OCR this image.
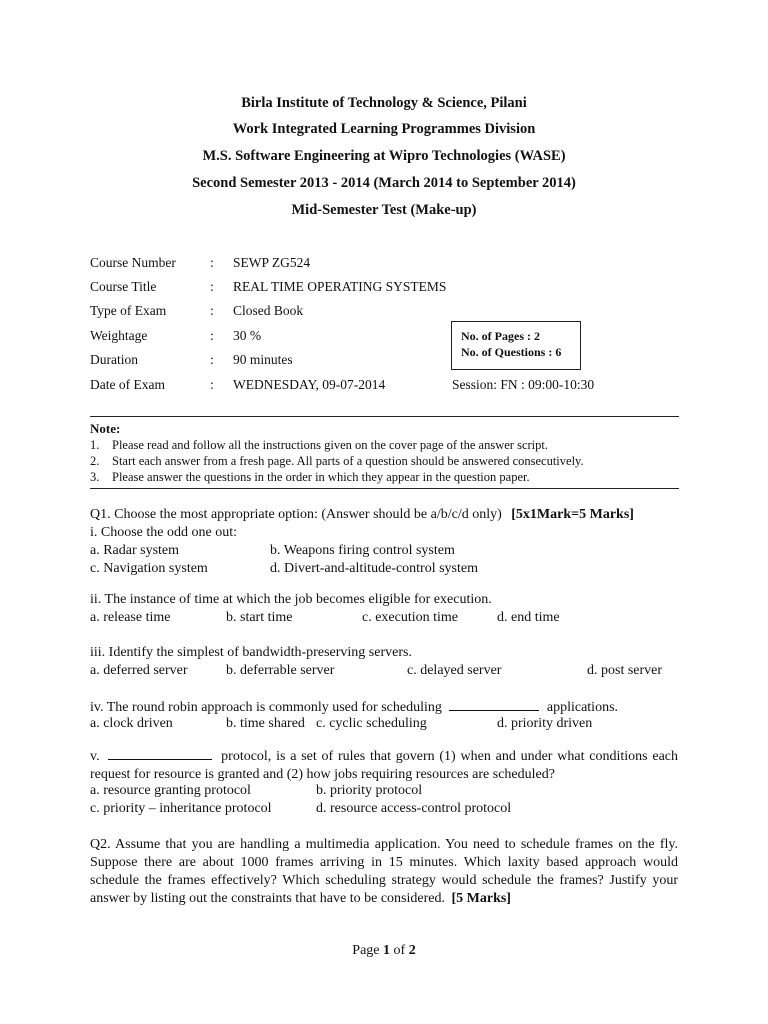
Birla Institute of Technology & Science, Pilani
Work Integrated Learning Programmes Division
M.S. Software Engineering at Wipro Technologies (WASE)
Second Semester 2013 - 2014 (March 2014 to September 2014)
Mid-Semester Test (Make-up)
Course Number	: SEWP ZG524
Course Title	: REAL TIME OPERATING SYSTEMS
Type of Exam	: Closed Book
Weightage	: 30 %
Duration	: 90 minutes
Date of Exam	: WEDNESDAY, 09-07-2014	Session: FN : 09:00-10:30
No. of Pages : 2
No. of Questions : 6
Note:
1. Please read and follow all the instructions given on the cover page of the answer script.
2. Start each answer from a fresh page. All parts of a question should be answered consecutively.
3. Please answer the questions in the order in which they appear in the question paper.
Q1. Choose the most appropriate option: (Answer should be a/b/c/d only) [5x1Mark=5 Marks]
i. Choose the odd one out:
a. Radar system	b. Weapons firing control system
c. Navigation system	d. Divert-and-altitude-control system
ii. The instance of time at which the job becomes eligible for execution.
a. release time	b. start time	c. execution time	d. end time
iii. Identify the simplest of bandwidth-preserving servers.
a. deferred server	b. deferrable server	c. delayed server	d. post server
iv. The round robin approach is commonly used for scheduling	applications.
a. clock driven	b. time shared c. cyclic scheduling	d. priority driven
v.	protocol, is a set of rules that govern (1) when and under what conditions each request for resource is granted and (2) how jobs requiring resources are scheduled?
a. resource granting protocol	b. priority protocol
c. priority – inheritance protocol	d. resource access-control protocol
Q2. Assume that you are handling a multimedia application. You need to schedule frames on the fly. Suppose there are about 1000 frames arriving in 15 minutes. Which laxity based approach would schedule the frames effectively? Which scheduling strategy would schedule the frames? Justify your answer by listing out the constraints that have to be considered. [5 Marks]
Page 1 of 2
